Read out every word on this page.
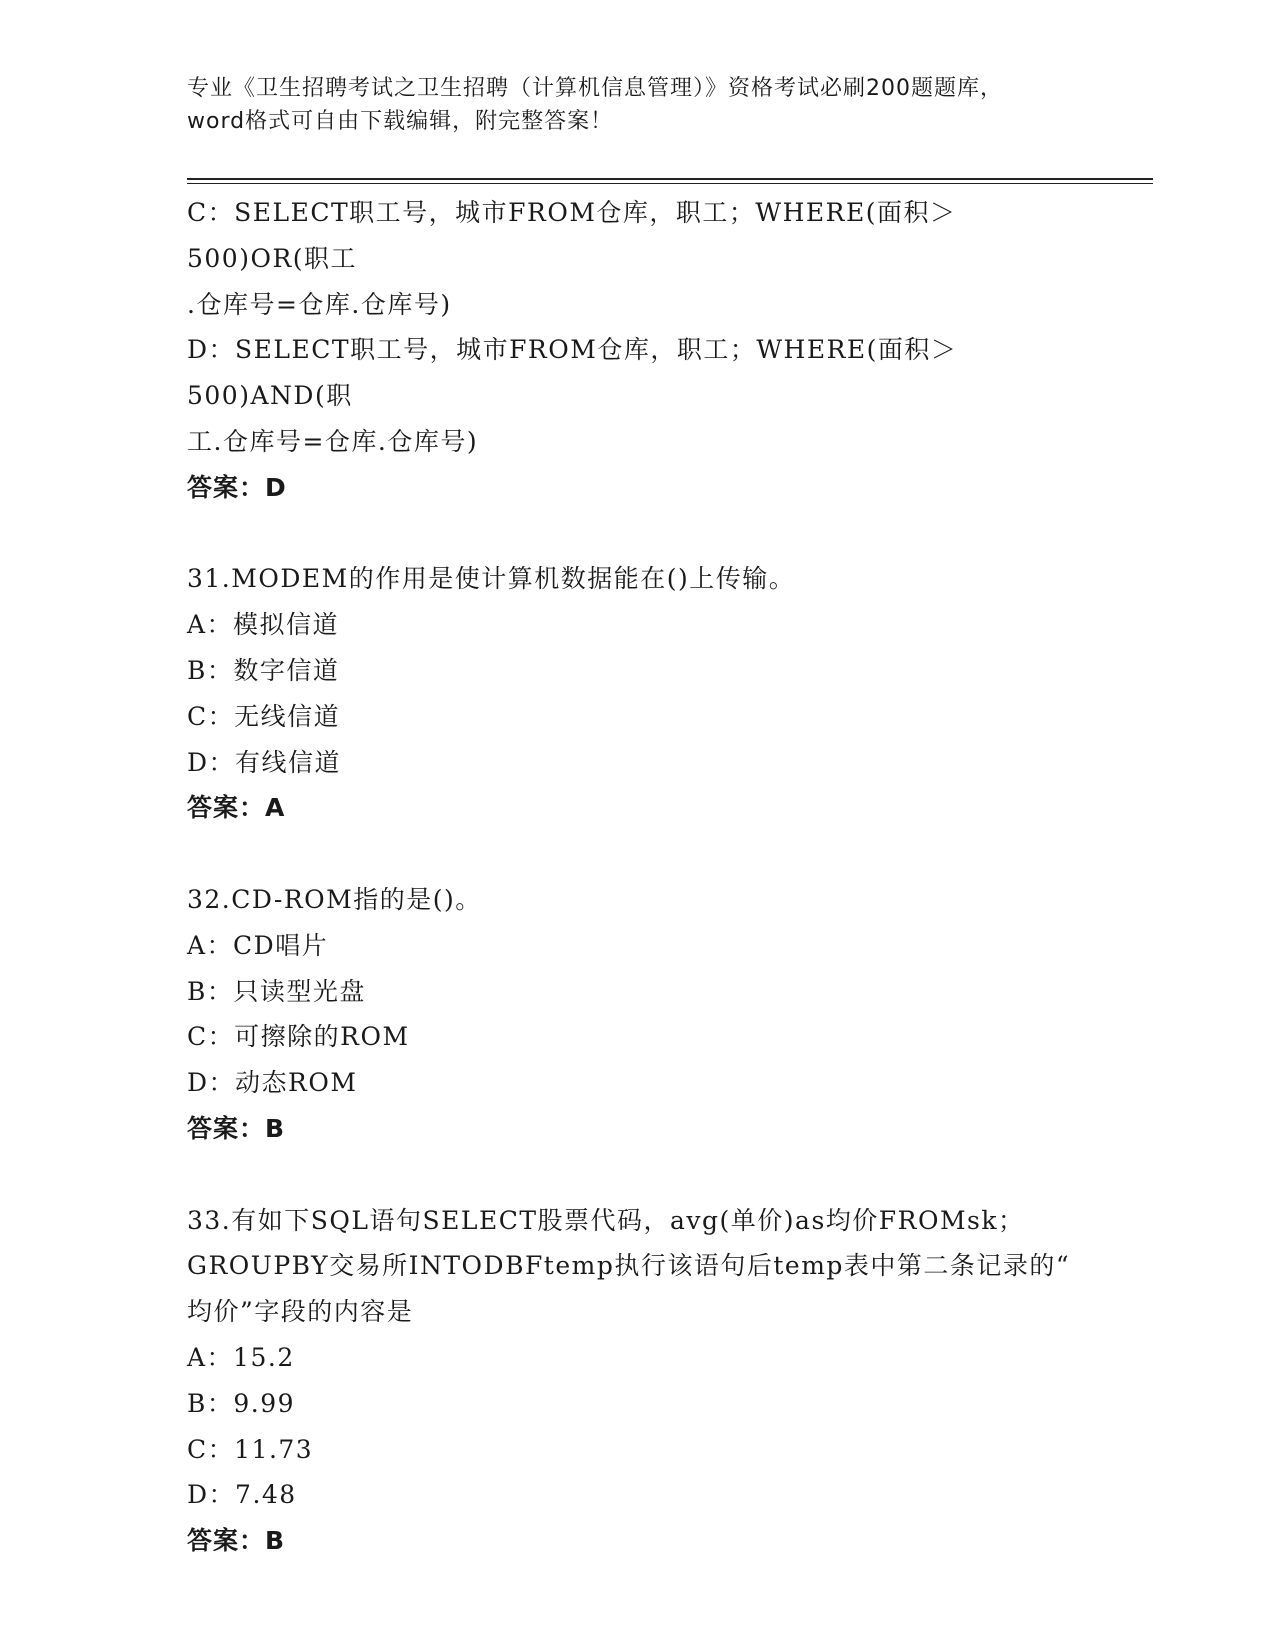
专业《卫生招聘考试之卫生招聘（计算机信息管理）》资格考试必刷200题题库，

word格式可自由下载编辑，附完整答案！

C：SELECT职工号，城市FROM仓库，职工；WHERE(面积＞500)OR(职工

.仓库号=仓库.仓库号)

D：SELECT职工号，城市FROM仓库，职工；WHERE(面积＞500)AND(职

工.仓库号=仓库.仓库号)

答案：D

31.MODEM的作用是使计算机数据能在()上传输。

A：模拟信道

B：数字信道

C：无线信道

D：有线信道

答案：A

32.CD-ROM指的是()。

A：CD唱片

B：只读型光盘

C：可擦除的ROM

D：动态ROM

答案：B

33.有如下SQL语句SELECT股票代码，avg(单价)as均价FROMsk；

GROUPBY交易所INTODBFtemp执行该语句后temp表中第二条记录的“

均价”字段的内容是

A：15.2

B：9.99

C：11.73

D：7.48

答案：B
